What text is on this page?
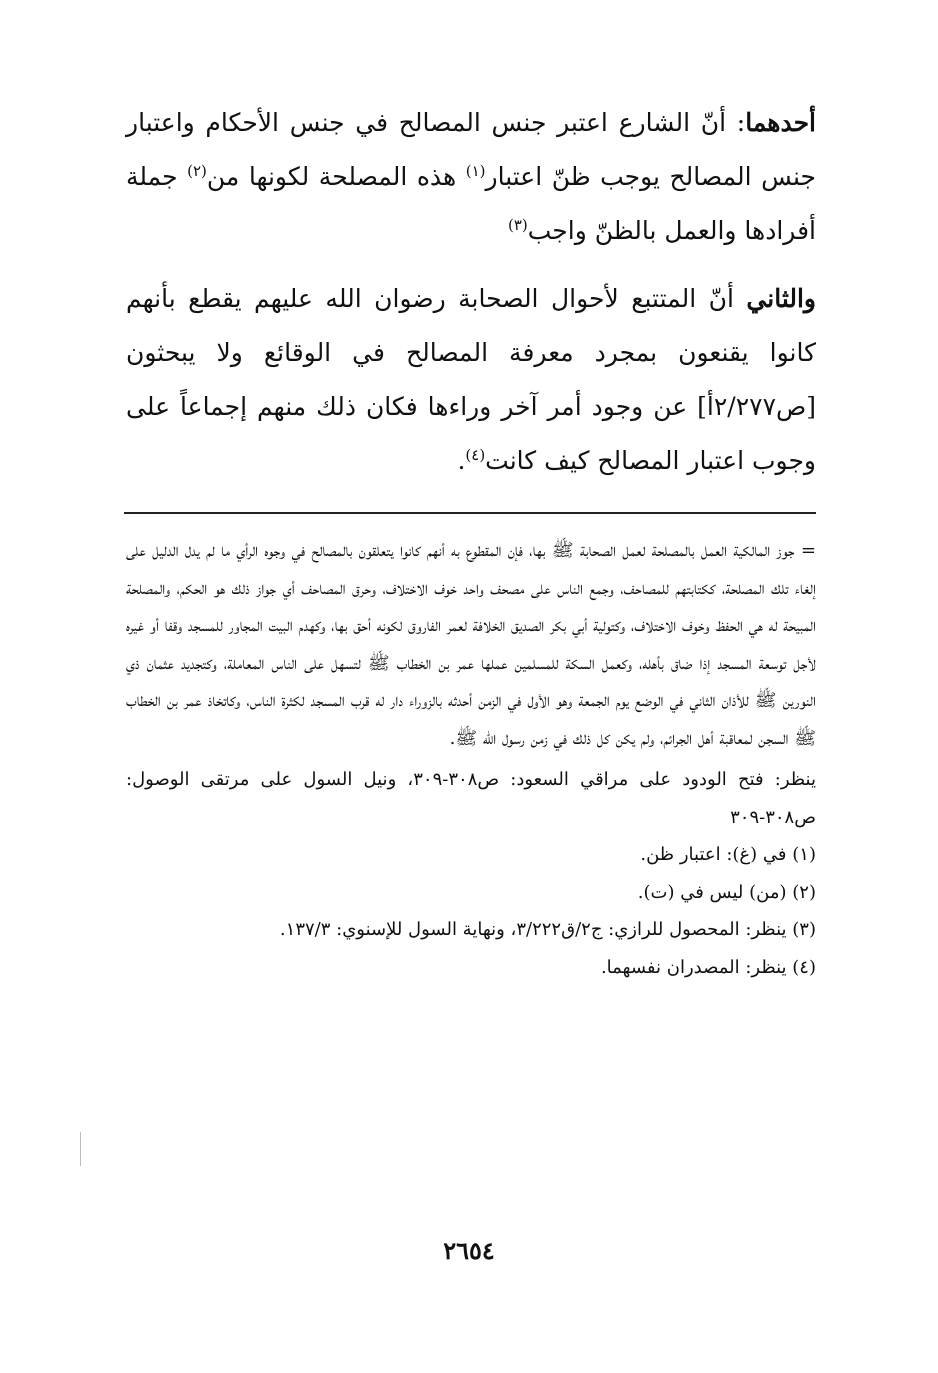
أحدهما: أنّ الشارع اعتبر جنس المصالح في جنس الأحكام واعتبار جنس المصالح يوجب ظنّ اعتبار$^{(١)}$ هذه المصلحة لكونها من$^{(٢)}$ جملة أفرادها والعمل بالظنّ واجب$^{(٣)}$

والثاني أنّ المتتبع لأحوال الصحابة رضوان الله عليهم يقطع بأنهم كانوا يقنعون بمجرد معرفة المصالح في الوقائع ولا يبحثون [ص٢/٢٧٧أ] عن وجود أمر آخر وراءها فكان ذلك منهم إجماعاً على وجوب اعتبار المصالح كيف كانت$^{(٤)}$.

= جوز المالكية العمل بالمصلحة لعمل الصحابة ﷺ بها، فإن المقطوع به أنهم كانوا يتعلقون بالمصالح في وجوه الرأي ما لم يدل الدليل على إلغاء تلك المصلحة، ككتابتهم للمصاحف، وجمع الناس على مصحف واحد خوف الاختلاف، وحرق المصاحف أي جواز ذلك هو الحكم، والمصلحة المبيحة له هي الحفظ وخوف الاختلاف، وكتولية أبي بكر الصديق الخلافة لعمر الفاروق لكونه أحق بها، وكهدم البيت المجاور للمسجد وقفا أو غيره لأجل توسعة المسجد إذا ضاق بأهله، وكعمل السكة للمسلمين عملها عمر بن الخطاب ﷺ لتسهل على الناس المعاملة، وكتجديد عثمان ذي النورين ﷺ للأذان الثاني في الوضع يوم الجمعة وهو الأول في الزمن أحدثه بالزوراء دار له قرب المسجد لكثرة الناس، وكاتخاذ عمر بن الخطاب ﷺ السجن لمعاقبة أهل الجرائم، ولم يكن كل ذلك في زمن رسول الله ﷺ.

ينظر: فتح الودود على مراقي السعود: ص٣٠٨-٣٠٩، ونيل السول على مرتقى الوصول: ص٣٠٨-٣٠٩

(١) في (غ): اعتبار ظن.

(٢) (من) ليس في (ت).

(٣) ينظر: المحصول للرازي: ج٢/ق٣/٢٢٢، ونهاية السول للإسنوي: ١٣٧/٣.

(٤) ينظر: المصدران نفسهما.

٢٦٥٤
